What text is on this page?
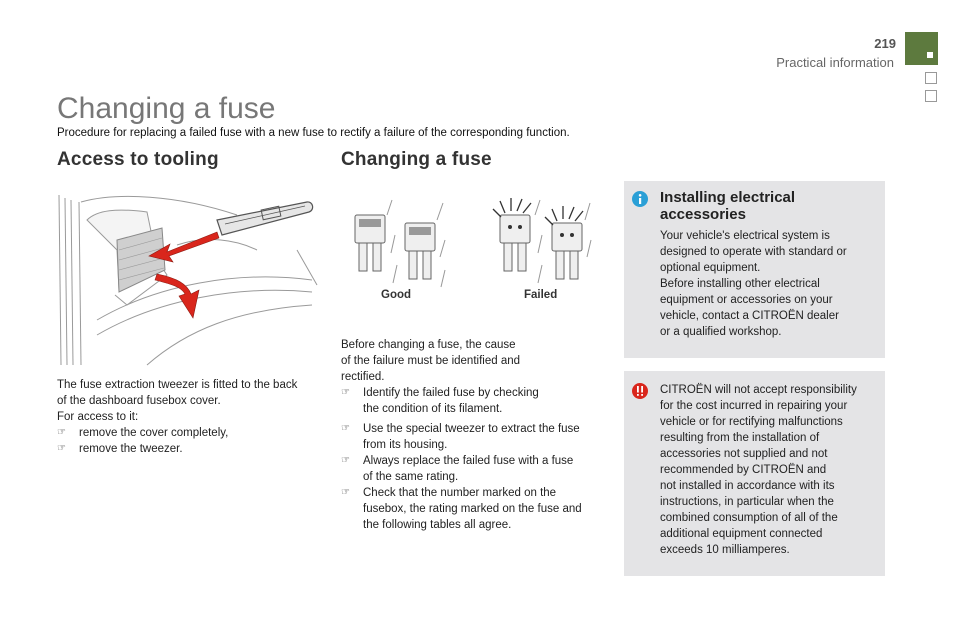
219
Practical information
Changing a fuse
Procedure for replacing a failed fuse with a new fuse to rectify a failure of the corresponding function.
Access to tooling

The fuse extraction tweezer is fitted to the back

of the dashboard fusebox cover.

For access to it:

☞	remove the cover completely,

☞	remove the tweezer.

Changing a fuse
Good	Failed

Before changing a fuse, the cause

of the failure must be identified and

rectified.

☞	Identify the failed fuse by checking
the condition of its filament.
☞	Use the special tweezer to extract the fuse
from its housing.
☞	Always replace the failed fuse with a fuse
of the same rating.
☞	Check that the number marked on the
fusebox, the rating marked on the fuse and
the following tables all agree.
Installing electrical
accessories

Your vehicle's electrical system is

designed to operate with standard or

optional equipment.

Before installing other electrical

equipment or accessories on your

vehicle, contact a CITROËN dealer

or a qualified workshop.

CITROËN will not accept responsibility

for the cost incurred in repairing your

vehicle or for rectifying malfunctions

resulting from the installation of

accessories not supplied and not

recommended by CITROËN and

not installed in accordance with its

instructions, in particular when the

combined consumption of all of the

additional equipment connected

exceeds 10 milliamperes.
